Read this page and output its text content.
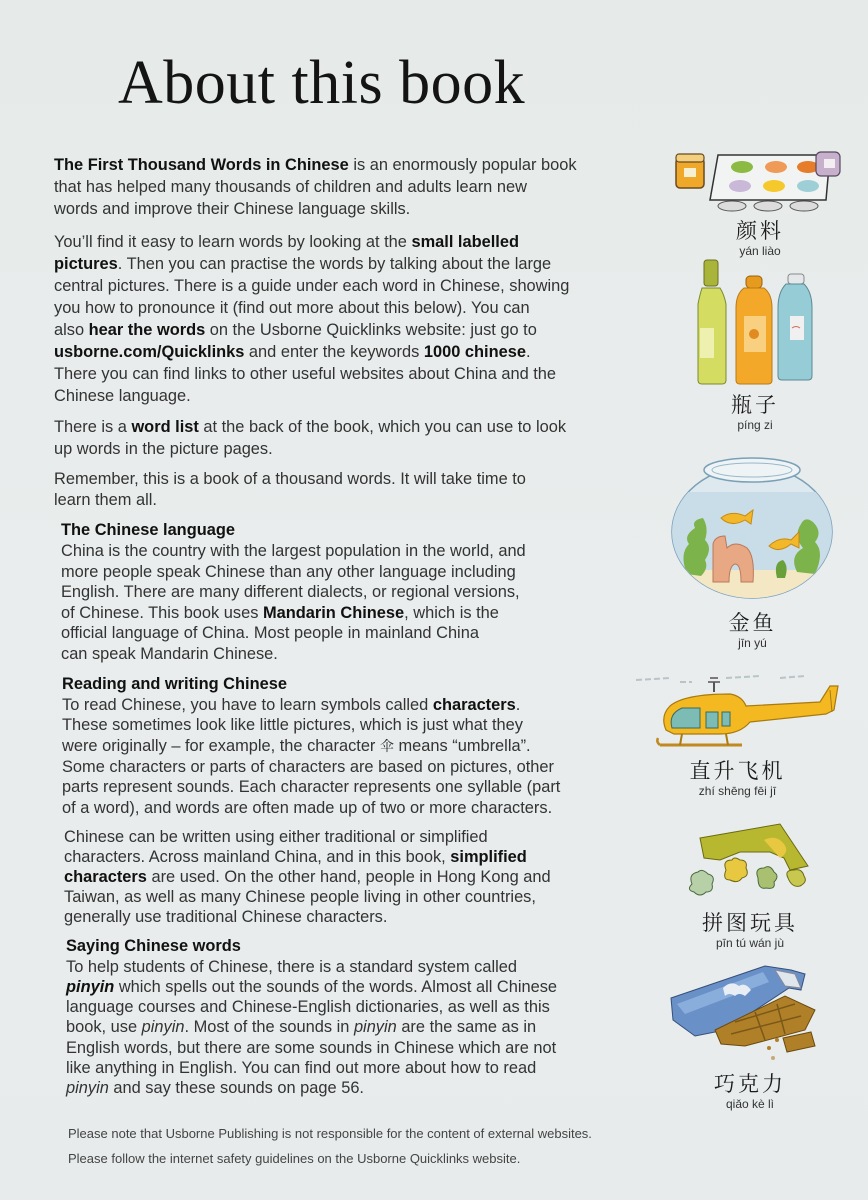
About this book

The First Thousand Words in Chinese is an enormously popular book

that has helped many thousands of children and adults learn new

words and improve their Chinese language skills.

You’ll find it easy to learn words by looking at the small labelled

pictures. Then you can practise the words by talking about the large

central pictures. There is a guide under each word in Chinese, showing

you how to pronounce it (find out more about this below). You can

also hear the words on the Usborne Quicklinks website: just go to

usborne.com/Quicklinks and enter the keywords 1000 chinese.

There you can find links to other useful websites about China and the

Chinese language.

There is a word list at the back of the book, which you can use to look

up words in the picture pages.

Remember, this is a book of a thousand words. It will take time to

learn them all.

The Chinese language

China is the country with the largest population in the world, and

more people speak Chinese than any other language including

English. There are many different dialects, or regional versions,

of Chinese. This book uses Mandarin Chinese, which is the

official language of China. Most people in mainland China

can speak Mandarin Chinese.

Reading and writing Chinese

To read Chinese, you have to learn symbols called characters.

These sometimes look like little pictures, which is just what they

were originally – for example, the character 伞 means “umbrella”.

Some characters or parts of characters are based on pictures, other

parts represent sounds. Each character represents one syllable (part

of a word), and words are often made up of two or more characters.

Chinese can be written using either traditional or simplified

characters. Across mainland China, and in this book, simplified

characters are used. On the other hand, people in Hong Kong and

Taiwan, as well as many Chinese people living in other countries,

generally use traditional Chinese characters.

Saying Chinese words

To help students of Chinese, there is a standard system called

pinyin which spells out the sounds of the words. Almost all Chinese

language courses and Chinese-English dictionaries, as well as this

book, use pinyin. Most of the sounds in pinyin are the same as in

English words, but there are some sounds in Chinese which are not

like anything in English. You can find out more about how to read

pinyin and say these sounds on page 56.

Please note that Usborne Publishing is not responsible for the content of external websites.
Please follow the internet safety guidelines on the Usborne Quicklinks website.
颜料
yán liào
瓶子
píng zi
金鱼
jīn yú
直升飞机
zhí shēng fēi jī
拼图玩具
pīn tú wán jù
巧克力
qiǎo kè lì
